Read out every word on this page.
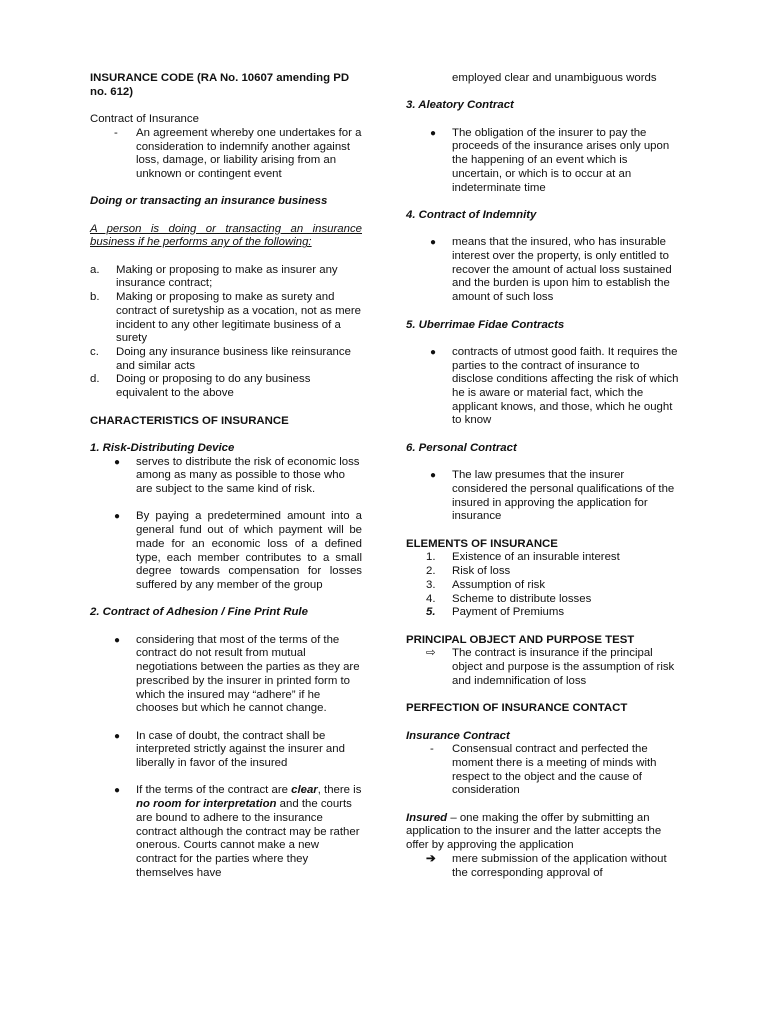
INSURANCE CODE (RA No. 10607 amending PD

no. 612)

Contract of Insurance

-	An agreement whereby one undertakes for a consideration to indemnify another against loss, damage, or liability arising from an unknown or contingent event

Doing or transacting an insurance business

A person is doing or transacting an insurance business if he performs any of the following:

a.	Making or proposing to make as insurer any insurance contract;
b.	Making or proposing to make as surety and contract of suretyship as a vocation, not as mere incident to any other legitimate business of a surety
c.	Doing any insurance business like reinsurance and similar acts
d.	Doing or proposing to do any business equivalent to the above

CHARACTERISTICS OF INSURANCE

1. Risk-Distributing Device

●	serves to distribute the risk of economic loss among as many as possible to those who are subject to the same kind of risk.
●	By paying a predetermined amount into a general fund out of which payment will be made for an economic loss of a defined type, each member contributes to a small degree towards compensation for losses suffered by any member of the group

2. Contract of Adhesion / Fine Print Rule

●	considering that most of the terms of the contract do not result from mutual negotiations between the parties as they are prescribed by the insurer in printed form to which the insured may “adhere” if he chooses but which he cannot change.
●	In case of doubt, the contract shall be interpreted strictly against the insurer and liberally in favor of the insured
●	If the terms of the contract are clear, there is no room for interpretation and the courts are bound to adhere to the insurance contract although the contract may be rather onerous. Courts cannot make a new contract for the parties where they themselves have

employed clear and unambiguous words

3. Aleatory Contract

●	The obligation of the insurer to pay the proceeds of the insurance arises only upon the happening of an event which is uncertain, or which is to occur at an indeterminate time

4. Contract of Indemnity

●	means that the insured, who has insurable interest over the property, is only entitled to recover the amount of actual loss sustained and the burden is upon him to establish the amount of such loss

5. Uberrimae Fidae Contracts

●	contracts of utmost good faith. It requires the parties to the contract of insurance to disclose conditions affecting the risk of which he is aware or material fact, which the applicant knows, and those, which he ought to know

6. Personal Contract

●	The law presumes that the insurer considered the personal qualifications of the insured in approving the application for insurance

ELEMENTS OF INSURANCE

1.	Existence of an insurable interest
2.	Risk of loss
3.	Assumption of risk
4.	Scheme to distribute losses
5.	Payment of Premiums

PRINCIPAL OBJECT AND PURPOSE TEST

⇨	The contract is insurance if the principal object and purpose is the assumption of risk and indemnification of loss

PERFECTION OF INSURANCE CONTACT

Insurance Contract

-	Consensual contract and perfected the moment there is a meeting of minds with respect to the object and the cause of consideration

Insured – one making the offer by submitting an application to the insurer and the latter accepts the offer by approving the application

➔	mere submission of the application without the corresponding approval of
